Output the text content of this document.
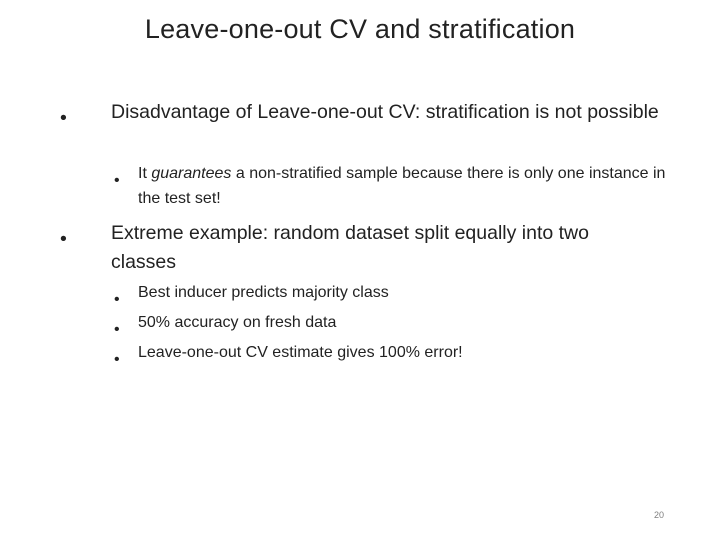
Leave-one-out CV and stratification
• Disadvantage of Leave-one-out CV: stratification is not possible
• It guarantees a non-stratified sample because there is only one instance in the test set!
• Extreme example: random dataset split equally into two classes
• Best inducer predicts majority class
• 50% accuracy on fresh data
• Leave-one-out CV estimate gives 100% error!
20
